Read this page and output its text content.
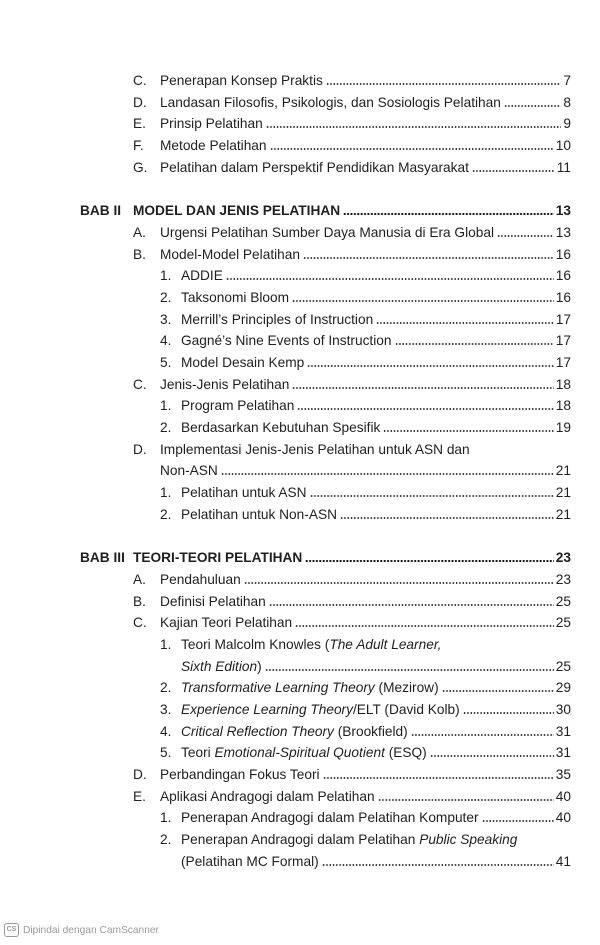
C. Penerapan Konsep Praktis	7
D. Landasan Filosofis, Psikologis, dan Sosiologis Pelatihan	8
E.	Prinsip Pelatihan	9
F.	Metode Pelatihan	10
G. Pelatihan dalam Perspektif Pendidikan Masyarakat	11
BAB II MODEL DAN JENIS PELATIHAN	13
A.	Urgensi Pelatihan Sumber Daya Manusia di Era Global	13
B.	Model-Model Pelatihan	16
1. ADDIE	16
2. Taksonomi Bloom	16
3. Merrill’s Principles of Instruction	17
4. Gagné’s Nine Events of Instruction	17
5. Model Desain Kemp	17
C. Jenis-Jenis Pelatihan	18
1. Program Pelatihan	18
2. Berdasarkan Kebutuhan Spesifik	19
D. Implementasi Jenis-Jenis Pelatihan untuk ASN dan
Non-ASN	21
1. Pelatihan untuk ASN	21
2. Pelatihan untuk Non-ASN	21
BAB III TEORI-TEORI PELATIHAN	23
A.	Pendahuluan	23
B.	Definisi Pelatihan	25
C. Kajian Teori Pelatihan	25
1. Teori Malcolm Knowles (The Adult Learner,
Sixth Edition)	25
2. Transformative Learning Theory (Mezirow)	29
3. Experience Learning Theory/ELT (David Kolb)	30
4. Critical Reflection Theory (Brookfield)	31
5. Teori Emotional-Spiritual Quotient (ESQ)	31
D. Perbandingan Fokus Teori	35
E.	Aplikasi Andragogi dalam Pelatihan	40
1. Penerapan Andragogi dalam Pelatihan Komputer	40
2. Penerapan Andragogi dalam Pelatihan Public Speaking
(Pelatihan MC Formal)	41
CS Dipindai dengan CamScanner
